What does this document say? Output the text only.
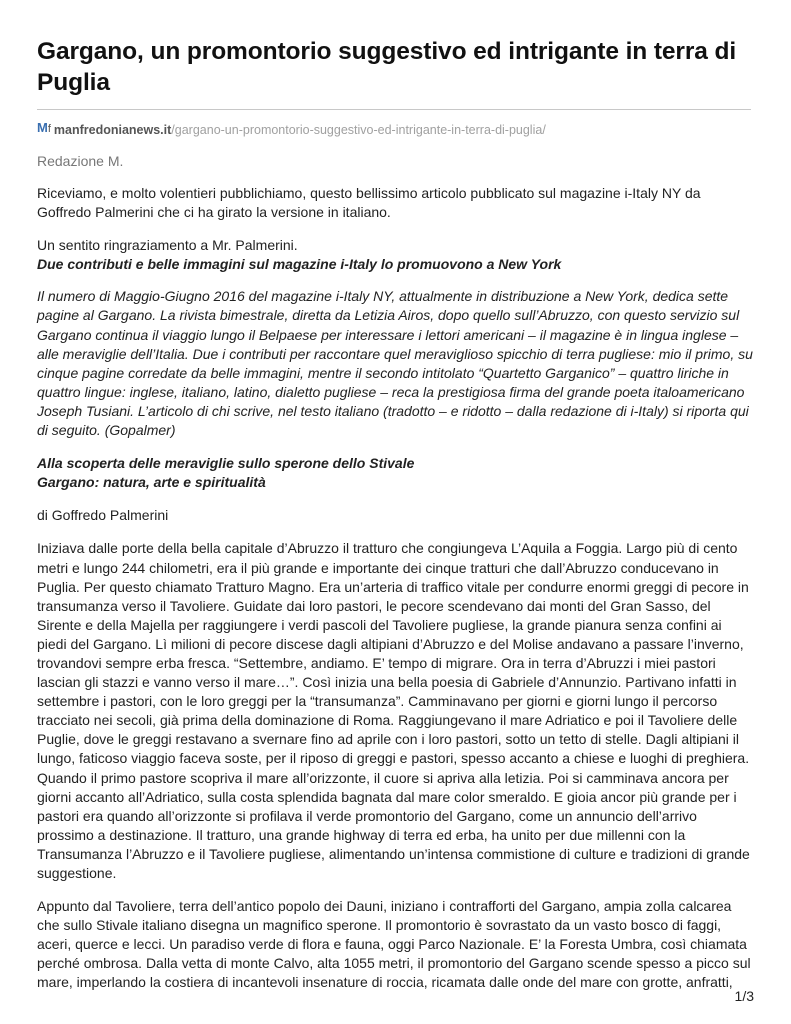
Gargano, un promontorio suggestivo ed intrigante in terra di Puglia
Mf manfredonianews.it/gargano-un-promontorio-suggestivo-ed-intrigante-in-terra-di-puglia/
Redazione M.

Riceviamo, e molto volentieri pubblichiamo, questo bellissimo articolo pubblicato sul magazine i-Italy NY da Goffredo Palmerini che ci ha girato la versione in italiano.

Un sentito ringraziamento a Mr. Palmerini.

Due contributi e belle immagini sul magazine i-Italy lo promuovono a New York

Il numero di Maggio-Giugno 2016 del magazine i-Italy NY, attualmente in distribuzione a New York, dedica sette pagine al Gargano. La rivista bimestrale, diretta da Letizia Airos, dopo quello sull’Abruzzo, con questo servizio sul Gargano continua il viaggio lungo il Belpaese per interessare i lettori americani – il magazine è in lingua inglese – alle meraviglie dell’Italia. Due i contributi per raccontare quel meraviglioso spicchio di terra pugliese: mio il primo, su cinque pagine corredate da belle immagini, mentre il secondo intitolato “Quartetto Garganico” – quattro liriche in quattro lingue: inglese, italiano, latino, dialetto pugliese – reca la prestigiosa firma del grande poeta italoamericano Joseph Tusiani. L’articolo di chi scrive, nel testo italiano (tradotto – e ridotto – dalla redazione di i-Italy) si riporta qui di seguito. (Gopalmer)

Alla scoperta delle meraviglie sullo sperone dello Stivale

Gargano: natura, arte e spiritualità

di Goffredo Palmerini

Iniziava dalle porte della bella capitale d’Abruzzo il tratturo che congiungeva L’Aquila a Foggia. Largo più di cento metri e lungo 244 chilometri, era il più grande e importante dei cinque tratturi che dall’Abruzzo conducevano in Puglia. Per questo chiamato Tratturo Magno. Era un’arteria di traffico vitale per condurre enormi greggi di pecore in transumanza verso il Tavoliere. Guidate dai loro pastori, le pecore scendevano dai monti del Gran Sasso, del Sirente e della Majella per raggiungere i verdi pascoli del Tavoliere pugliese, la grande pianura senza confini ai piedi del Gargano. Lì milioni di pecore discese dagli altipiani d’Abruzzo e del Molise andavano a passare l’inverno, trovandovi sempre erba fresca. “Settembre, andiamo. E’ tempo di migrare. Ora in terra d’Abruzzi i miei pastori lascian gli stazzi e vanno verso il mare…”. Così inizia una bella poesia di Gabriele d’Annunzio. Partivano infatti in settembre i pastori, con le loro greggi per la “transumanza”. Camminavano per giorni e giorni lungo il percorso tracciato nei secoli, già prima della dominazione di Roma. Raggiungevano il mare Adriatico e poi il Tavoliere delle Puglie, dove le greggi restavano a svernare fino ad aprile con i loro pastori, sotto un tetto di stelle. Dagli altipiani il lungo, faticoso viaggio faceva soste, per il riposo di greggi e pastori, spesso accanto a chiese e luoghi di preghiera. Quando il primo pastore scopriva il mare all’orizzonte, il cuore si apriva alla letizia. Poi si camminava ancora per giorni accanto all’Adriatico, sulla costa splendida bagnata dal mare color smeraldo. E gioia ancor più grande per i pastori era quando all’orizzonte si profilava il verde promontorio del Gargano, come un annuncio dell’arrivo prossimo a destinazione. Il tratturo, una grande highway di terra ed erba, ha unito per due millenni con la Transumanza l’Abruzzo e il Tavoliere pugliese, alimentando un’intensa commistione di culture e tradizioni di grande suggestione.

Appunto dal Tavoliere, terra dell’antico popolo dei Dauni, iniziano i contrafforti del Gargano, ampia zolla calcarea che sullo Stivale italiano disegna un magnifico sperone. Il promontorio è sovrastato da un vasto bosco di faggi, aceri, querce e lecci. Un paradiso verde di flora e fauna, oggi Parco Nazionale. E’ la Foresta Umbra, così chiamata perché ombrosa. Dalla vetta di monte Calvo, alta 1055 metri, il promontorio del Gargano scende spesso a picco sul mare, imperlando la costiera di incantevoli insenature di roccia, ricamata dalle onde del mare con grotte, anfratti,

1/3
